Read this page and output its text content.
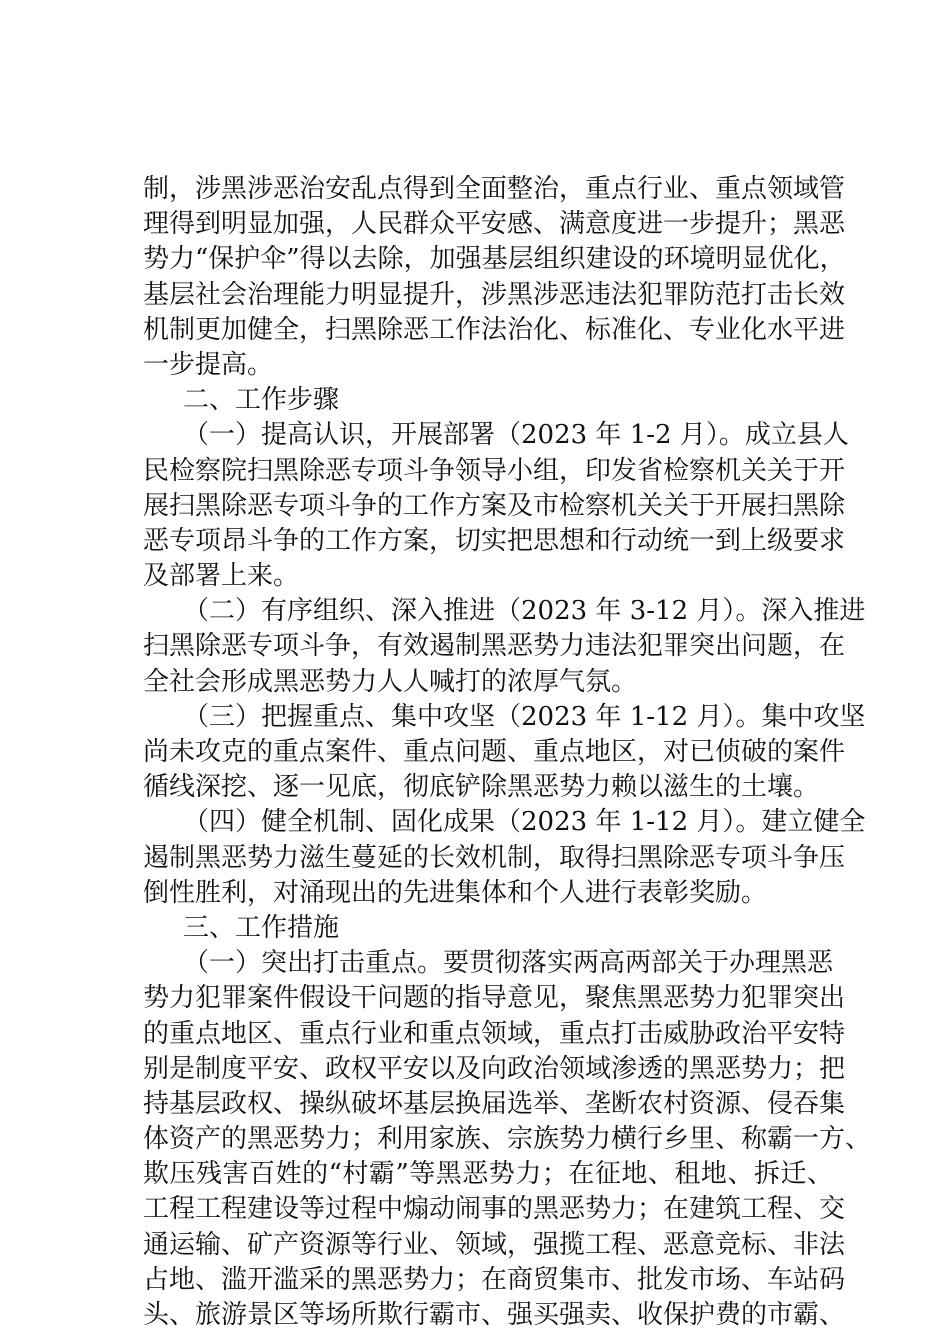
制，涉黑涉恶治安乱点得到全面整治，重点行业、重点领域管
理得到明显加强，人民群众平安感、满意度进一步提升；黑恶
势力“保护伞”得以去除，加强基层组织建设的环境明显优化，
基层社会治理能力明显提升，涉黑涉恶违法犯罪防范打击长效
机制更加健全，扫黑除恶工作法治化、标准化、专业化水平进
一步提高。
二、工作步骤
（一）提高认识，开展部署（2023 年 1-2 月）。成立县人
民检察院扫黑除恶专项斗争领导小组，印发省检察机关关于开
展扫黑除恶专项斗争的工作方案及市检察机关关于开展扫黑除
恶专项昂斗争的工作方案，切实把思想和行动统一到上级要求
及部署上来。
（二）有序组织、深入推进（2023 年 3-12 月）。深入推进
扫黑除恶专项斗争，有效遏制黑恶势力违法犯罪突出问题，在
全社会形成黑恶势力人人喊打的浓厚气氛。
（三）把握重点、集中攻坚（2023 年 1-12 月）。集中攻坚
尚未攻克的重点案件、重点问题、重点地区，对已侦破的案件
循线深挖、逐一见底，彻底铲除黑恶势力赖以滋生的土壤。
（四）健全机制、固化成果（2023 年 1-12 月）。建立健全
遏制黑恶势力滋生蔓延的长效机制，取得扫黑除恶专项斗争压
倒性胜利，对涌现出的先进集体和个人进行表彰奖励。
三、工作措施
（一）突出打击重点。要贯彻落实两高两部关于办理黑恶
势力犯罪案件假设干问题的指导意见，聚焦黑恶势力犯罪突出
的重点地区、重点行业和重点领域，重点打击威胁政治平安特
别是制度平安、政权平安以及向政治领域渗透的黑恶势力；把
持基层政权、操纵破坏基层换届选举、垄断农村资源、侵吞集
体资产的黑恶势力；利用家族、宗族势力横行乡里、称霸一方、
欺压残害百姓的“村霸”等黑恶势力；在征地、租地、拆迁、
工程工程建设等过程中煽动闹事的黑恶势力；在建筑工程、交
通运输、矿产资源等行业、领域，强揽工程、恶意竞标、非法
占地、滥开滥采的黑恶势力；在商贸集市、批发市场、车站码
头、旅游景区等场所欺行霸市、强买强卖、收保护费的市霸、
